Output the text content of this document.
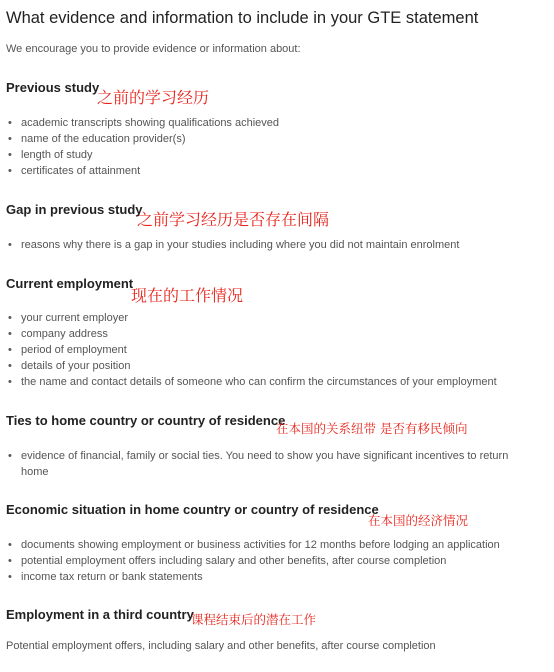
What evidence and information to include in your GTE statement
We encourage you to provide evidence or information about:
Previous study
之前的学习经历
• academic transcripts showing qualifications achieved
• name of the education provider(s)
• length of study
• certificates of attainment
Gap in previous study
之前学习经历是否存在间隔
• reasons why there is a gap in your studies including where you did not maintain enrolment
Current employment
现在的工作情况
• your current employer
• company address
• period of employment
• details of your position
• the name and contact details of someone who can confirm the circumstances of your employment
Ties to home country or country of residence
在本国的关系纽带 是否有移民倾向
• evidence of financial, family or social ties. You need to show you have significant incentives to return home
Economic situation in home country or country of residence
在本国的经济情况
• documents showing employment or business activities for 12 months before lodging an application
• potential employment offers including salary and other benefits, after course completion
• income tax return or bank statements
Employment in a third country
课程结束后的潜在工作
Potential employment offers, including salary and other benefits, after course completion
